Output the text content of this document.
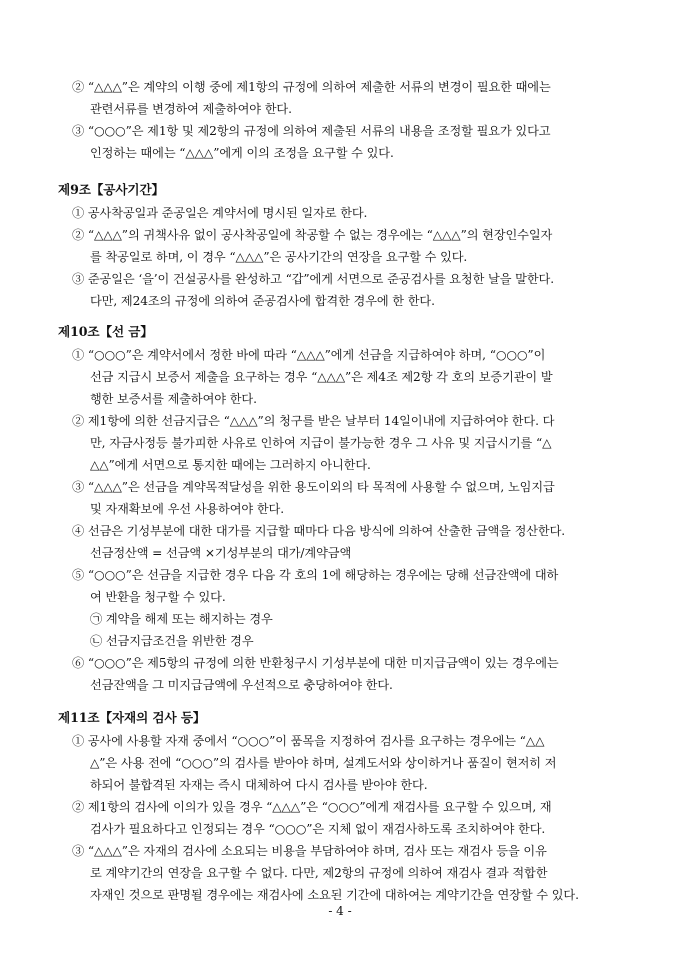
② “△△△”은 계약의 이행 중에 제1항의 규정에 의하여 제출한 서류의 변경이 필요한 때에는
관련서류를 변경하여 제출하여야 한다.
③ “○○○”은 제1항 및 제2항의 규정에 의하여 제출된 서류의 내용을 조정할 필요가 있다고
인정하는 때에는 “△△△”에게 이의 조정을 요구할 수 있다.
제9조【공사기간】
① 공사착공일과 준공일은 계약서에 명시된 일자로 한다.
② “△△△”의 귀책사유 없이 공사착공일에 착공할 수 없는 경우에는 “△△△”의 현장인수일자
를 착공일로 하며, 이 경우 “△△△”은 공사기간의 연장을 요구할 수 있다.
③ 준공일은 ‘을’이 건설공사를 완성하고 “갑”에게 서면으로 준공검사를 요청한 날을 말한다.
다만, 제24조의 규정에 의하여 준공검사에 합격한 경우에 한 한다.
제10조【선 금】
① “○○○”은 계약서에서 정한 바에 따라 “△△△”에게 선금을 지급하여야 하며, “○○○”이
선금 지급시 보증서 제출을 요구하는 경우 “△△△”은 제4조 제2항 각 호의 보증기관이 발
행한 보증서를 제출하여야 한다.
② 제1항에 의한 선금지급은 “△△△”의 청구를 받은 날부터 14일이내에 지급하여야 한다. 다
만, 자금사정등 불가피한 사유로 인하여 지급이 불가능한 경우 그 사유 및 지급시기를 “△
△△”에게 서면으로 통지한 때에는 그러하지 아니한다.
③ “△△△”은 선금을 계약목적달성을 위한 용도이외의 타 목적에 사용할 수 없으며, 노임지급
및 자재확보에 우선 사용하여야 한다.
④ 선금은 기성부분에 대한 대가를 지급할 때마다 다음 방식에 의하여 산출한 금액을 정산한다.
선금정산액 = 선금액 ×기성부분의 대가/계약금액
⑤ “○○○”은 선금을 지급한 경우 다음 각 호의 1에 해당하는 경우에는 당해 선금잔액에 대하
여 반환을 청구할 수 있다.
㉠ 계약을 해제 또는 해지하는 경우
㉡ 선금지급조건을 위반한 경우
⑥ “○○○”은 제5항의 규정에 의한 반환청구시 기성부분에 대한 미지급금액이 있는 경우에는
선금잔액을 그 미지급금액에 우선적으로 충당하여야 한다.
제11조【자재의 검사 등】
① 공사에 사용할 자재 중에서 “○○○”이 품목을 지정하여 검사를 요구하는 경우에는 “△△
△”은 사용 전에 “○○○”의 검사를 받아야 하며, 설계도서와 상이하거나 품질이 현저히 저
하되어 불합격된 자재는 즉시 대체하여 다시 검사를 받아야 한다.
② 제1항의 검사에 이의가 있을 경우 “△△△”은 “○○○”에게 재검사를 요구할 수 있으며, 재
검사가 필요하다고 인정되는 경우 “○○○”은 지체 없이 재검사하도록 조치하여야 한다.
③ “△△△”은 자재의 검사에 소요되는 비용을 부담하여야 하며, 검사 또는 재검사 등을 이유
로 계약기간의 연장을 요구할 수 없다. 다만, 제2항의 규정에 의하여 재검사 결과 적합한
자재인 것으로 판명될 경우에는 재검사에 소요된 기간에 대하여는 계약기간을 연장할 수 있다.
- 4 -
